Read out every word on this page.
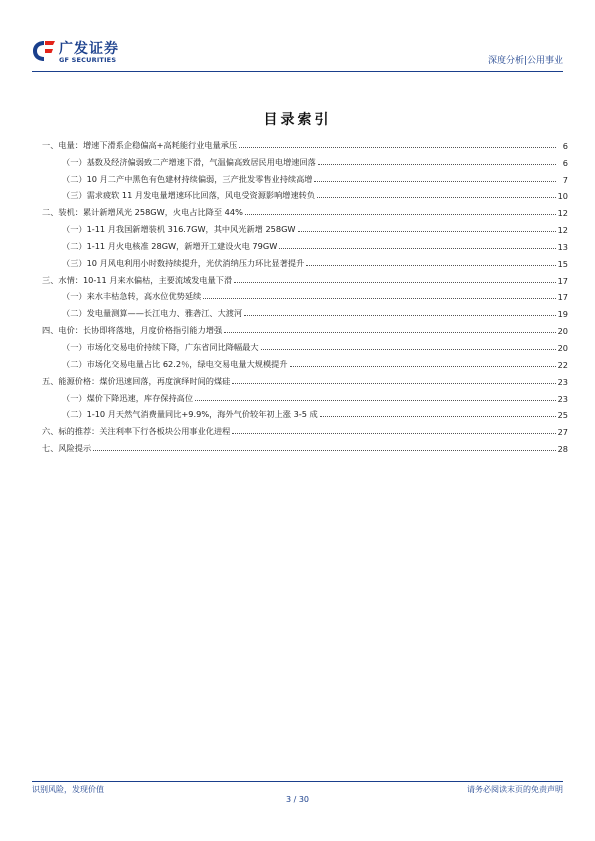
广发证券
GF SECURITIES	深度分析|公用事业
目录索引
一、电量：增速下滑系企稳偏高+高耗能行业电量承压	6
（一）基数及经济偏弱致二产增速下滑，气温偏高致居民用电增速回落	6
（二）10 月二产中黑色有色建材持续偏弱，三产批发零售业持续高增	7
（三）需求疲软 11 月发电量增速环比回落，风电受资源影响增速转负	10
二、装机：累计新增风光 258GW，火电占比降至 44%	12
（一）1-11 月我国新增装机 316.7GW，其中风光新增 258GW	12
（二）1-11 月火电核准 28GW，新增开工建设火电 79GW	13
（三）10 月风电利用小时数持续提升，光伏消纳压力环比显著提升	15
三、水情：10-11 月来水偏枯，主要流域发电量下滑	17
（一）来水丰枯急转，高水位优势延续	17
（二）发电量测算——长江电力、雅砻江、大渡河	19
四、电价：长协即将落地，月度价格指引能力增强	20
（一）市场化交易电价持续下降，广东省同比降幅最大	20
（二）市场化交易电量占比 62.2％，绿电交易电量大规模提升	22
五、能源价格：煤价迅速回落，再度演绎时间的煤硅	23
（一）煤价下降迅速，库存保持高位	23
（二）1-10 月天然气消费量同比+9.9%，海外气价较年初上涨 3-5 成	25
六、标的推荐：关注利率下行各板块公用事业化进程	27
七、风险提示	28
识别风险，发现价值	请务必阅读末页的免责声明
3 / 30
